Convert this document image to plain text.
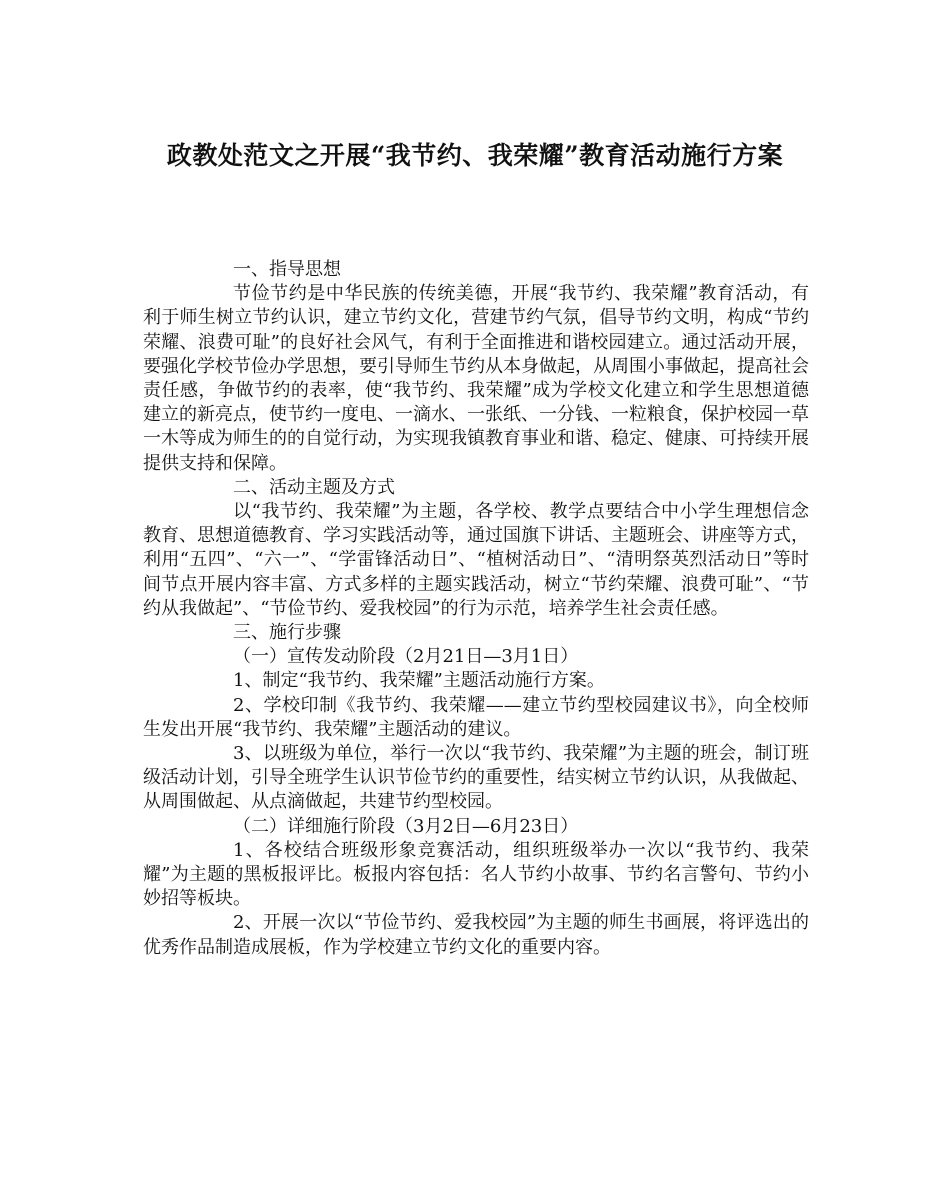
政教处范文之开展“我节约、我荣耀”教育活动施行方案
一、指导思想
节俭节约是中华民族的传统美德，开展“我节约、我荣耀”教育活动，有利于师生树立节约认识，建立节约文化，营建节约气氛，倡导节约文明，构成“节约荣耀、浪费可耻”的良好社会风气，有利于全面推进和谐校园建立。通过活动开展，要强化学校节俭办学思想，要引导师生节约从本身做起，从周围小事做起，提高社会责任感，争做节约的表率，使“我节约、我荣耀”成为学校文化建立和学生思想道德建立的新亮点，使节约一度电、一滴水、一张纸、一分钱、一粒粮食，保护校园一草一木等成为师生的的自觉行动，为实现我镇教育事业和谐、稳定、健康、可持续开展提供支持和保障。
二、活动主题及方式
以“我节约、我荣耀”为主题，各学校、教学点要结合中小学生理想信念教育、思想道德教育、学习实践活动等，通过国旗下讲话、主题班会、讲座等方式，利用“五四”、“六一”、“学雷锋活动日”、“植树活动日”、“清明祭英烈活动日”等时间节点开展内容丰富、方式多样的主题实践活动，树立“节约荣耀、浪费可耻”、“节约从我做起”、“节俭节约、爱我校园”的行为示范，培养学生社会责任感。
三、施行步骤
（一）宣传发动阶段（2月21日—3月1日）
1、制定“我节约、我荣耀”主题活动施行方案。
2、学校印制《我节约、我荣耀——建立节约型校园建议书》，向全校师生发出开展“我节约、我荣耀”主题活动的建议。
3、以班级为单位，举行一次以“我节约、我荣耀”为主题的班会，制订班级活动计划，引导全班学生认识节俭节约的重要性，结实树立节约认识，从我做起、从周围做起、从点滴做起，共建节约型校园。
（二）详细施行阶段（3月2日—6月23日）
1、各校结合班级形象竞赛活动，组织班级举办一次以“我节约、我荣耀”为主题的黑板报评比。板报内容包括：名人节约小故事、节约名言警句、节约小妙招等板块。
2、开展一次以“节俭节约、爱我校园”为主题的师生书画展，将评选出的优秀作品制造成展板，作为学校建立节约文化的重要内容。
